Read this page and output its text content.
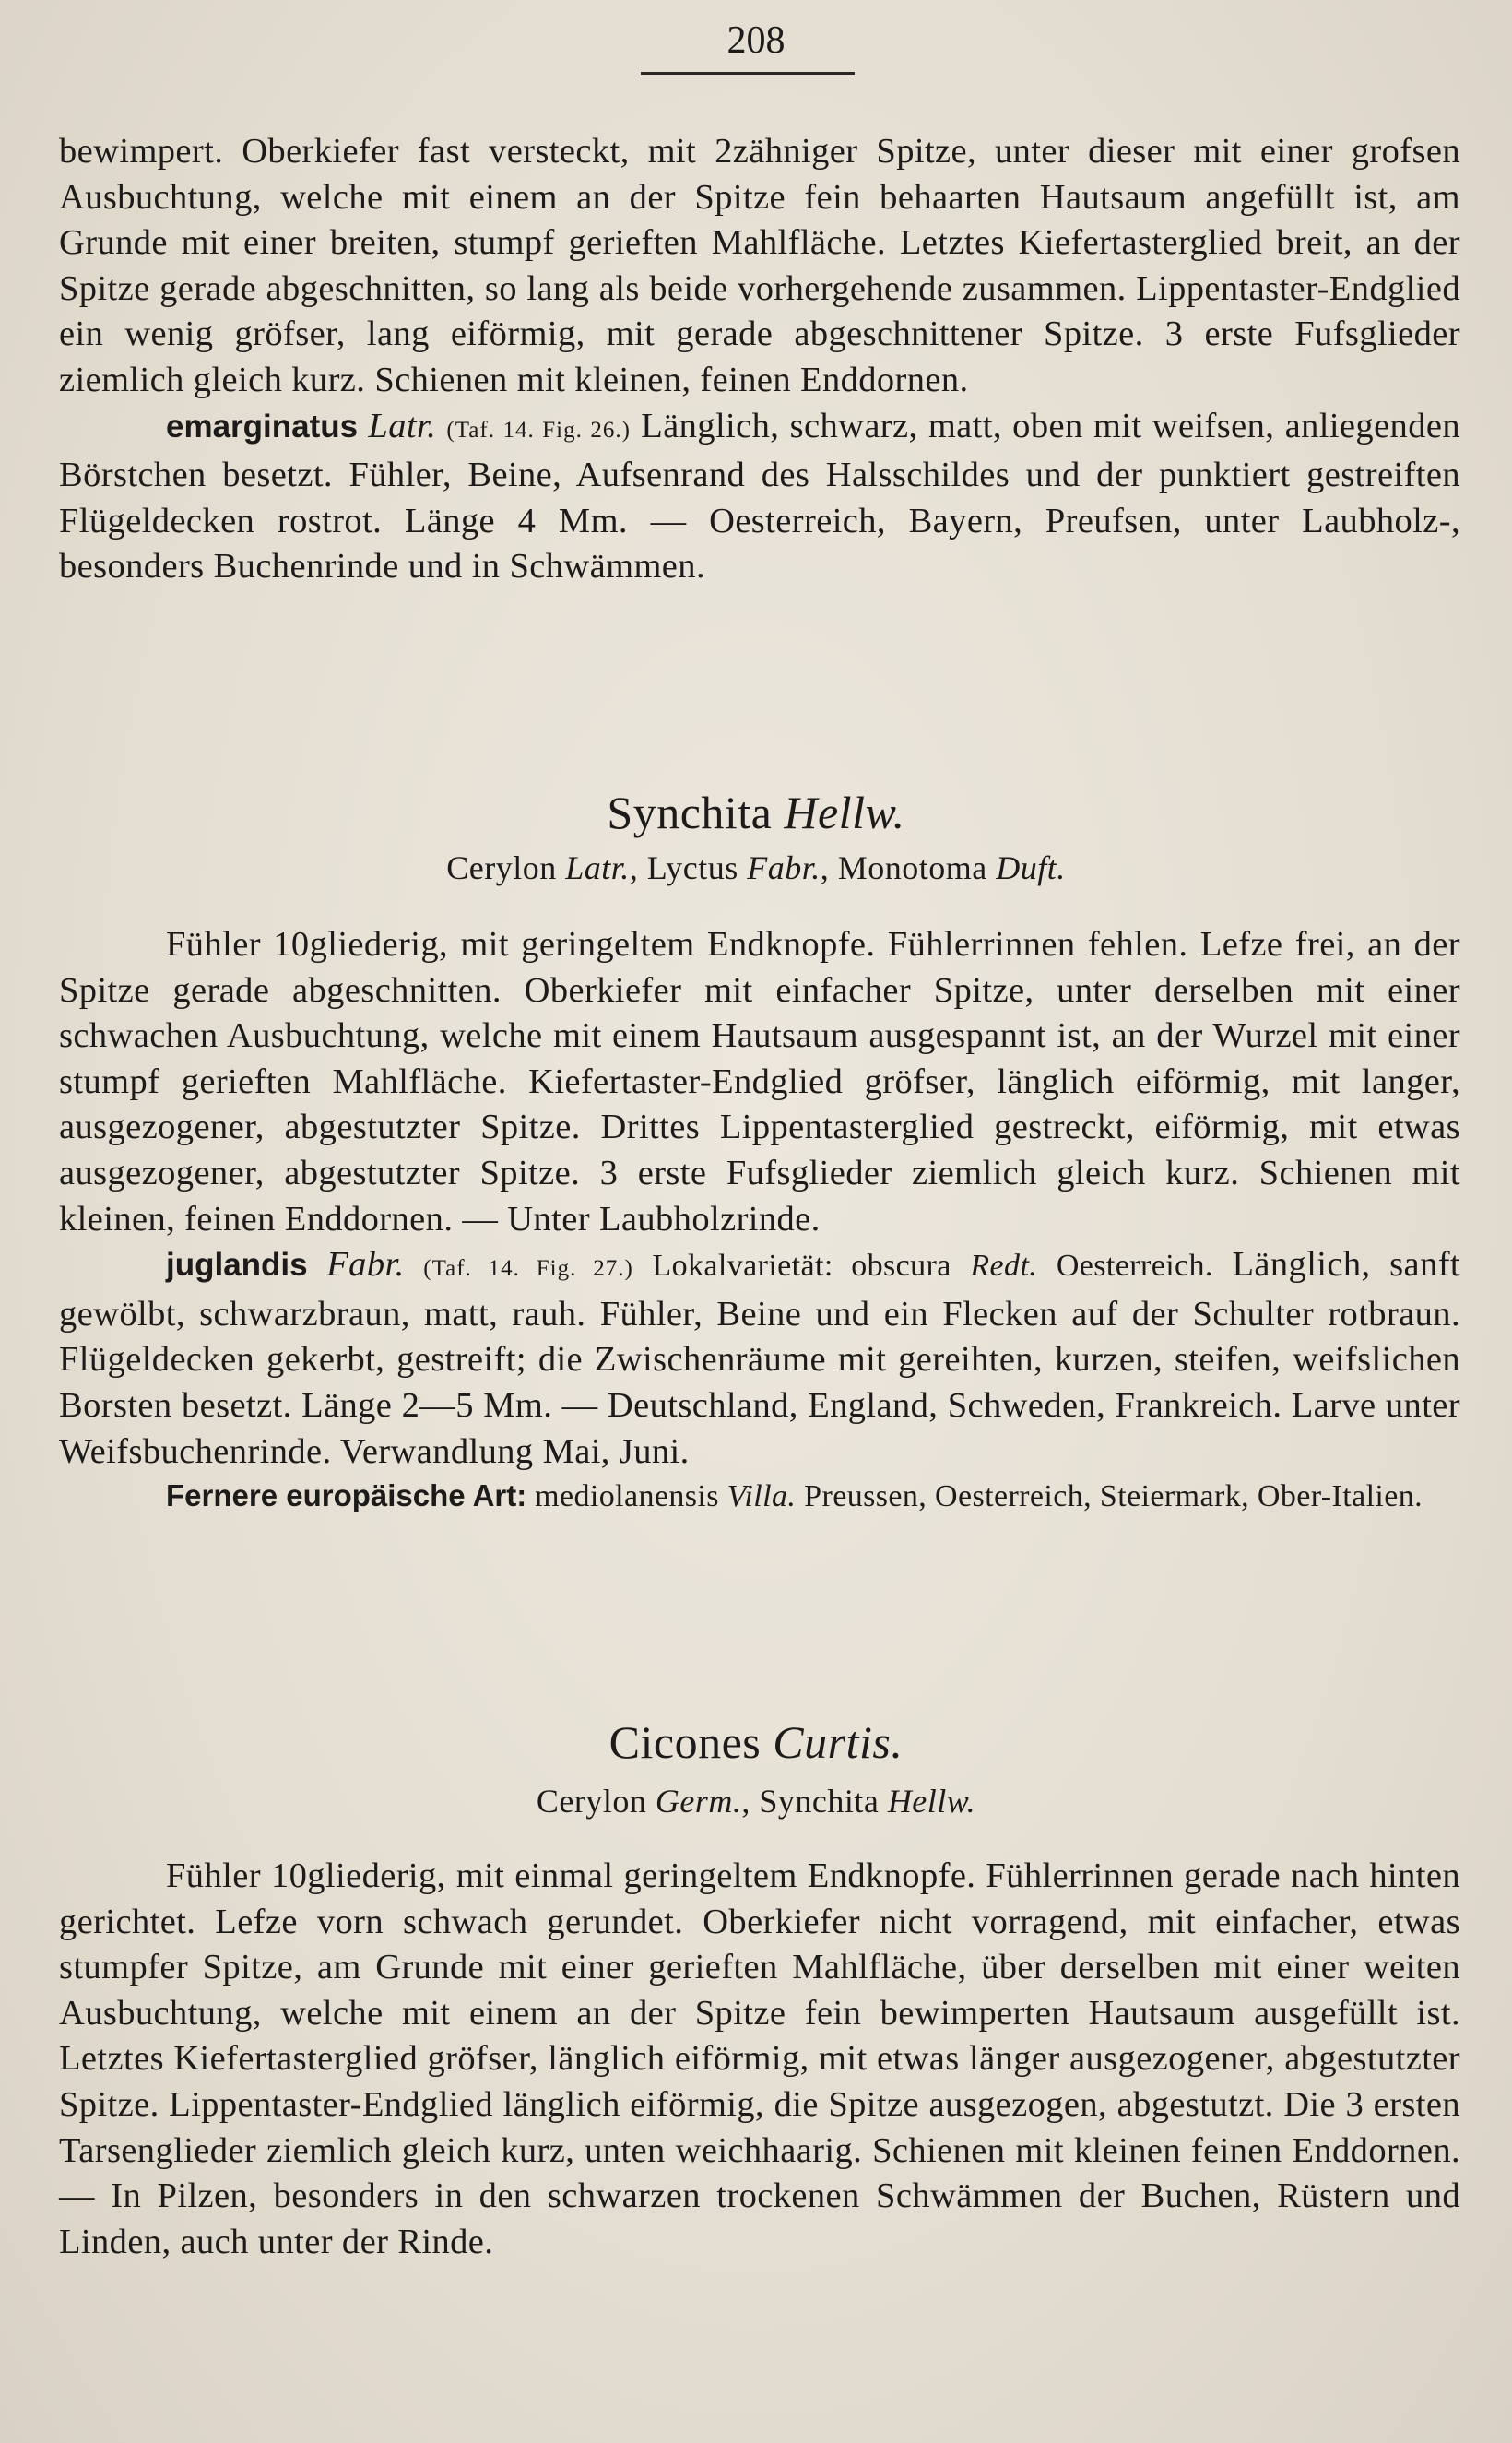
208

bewimpert. Oberkiefer fast versteckt, mit 2zähniger Spitze, unter dieser mit einer grofsen Ausbuchtung, welche mit einem an der Spitze fein behaarten Hautsaum angefüllt ist, am Grunde mit einer breiten, stumpf gerieften Mahlfläche. Letztes Kiefertasterglied breit, an der Spitze gerade abgeschnitten, so lang als beide vorhergehende zusammen. Lippentaster-Endglied ein wenig gröfser, lang eiförmig, mit gerade abgeschnittener Spitze. 3 erste Fufsglieder ziemlich gleich kurz. Schienen mit kleinen, feinen Enddornen.

emarginatus Latr. (Taf. 14. Fig. 26.) Länglich, schwarz, matt, oben mit weifsen, anliegenden Börstchen besetzt. Fühler, Beine, Aufsenrand des Halsschildes und der punktiert gestreiften Flügeldecken rostrot. Länge 4 Mm. — Oesterreich, Bayern, Preufsen, unter Laubholz-, besonders Buchenrinde und in Schwämmen.

Synchita Hellw.
Cerylon Latr., Lyctus Fabr., Monotoma Duft.

Fühler 10gliederig, mit geringeltem Endknopfe. Fühlerrinnen fehlen. Lefze frei, an der Spitze gerade abgeschnitten. Oberkiefer mit einfacher Spitze, unter derselben mit einer schwachen Ausbuchtung, welche mit einem Hautsaum ausgespannt ist, an der Wurzel mit einer stumpf gerieften Mahlfläche. Kiefertaster-Endglied gröfser, länglich eiförmig, mit langer, ausgezogener, abgestutzter Spitze. Drittes Lippentasterglied gestreckt, eiförmig, mit etwas ausgezogener, abgestutzter Spitze. 3 erste Fufsglieder ziemlich gleich kurz. Schienen mit kleinen, feinen Enddornen. — Unter Laubholzrinde.

juglandis Fabr. (Taf. 14. Fig. 27.) Lokalvarietät: obscura Redt. Oesterreich. Länglich, sanft gewölbt, schwarzbraun, matt, rauh. Fühler, Beine und ein Flecken auf der Schulter rotbraun. Flügeldecken gekerbt, gestreift; die Zwischenräume mit gereihten, kurzen, steifen, weifslichen Borsten besetzt. Länge 2—5 Mm. — Deutschland, England, Schweden, Frankreich. Larve unter Weifsbuchenrinde. Verwandlung Mai, Juni.

Fernere europäische Art: mediolanensis Villa. Preussen, Oesterreich, Steiermark, Ober-Italien.

Cicones Curtis.
Cerylon Germ., Synchita Hellw.

Fühler 10gliederig, mit einmal geringeltem Endknopfe. Fühlerrinnen gerade nach hinten gerichtet. Lefze vorn schwach gerundet. Oberkiefer nicht vorragend, mit einfacher, etwas stumpfer Spitze, am Grunde mit einer gerieften Mahlfläche, über derselben mit einer weiten Ausbuchtung, welche mit einem an der Spitze fein bewimperten Hautsaum ausgefüllt ist. Letztes Kiefertasterglied gröfser, länglich eiförmig, mit etwas länger ausgezogener, abgestutzter Spitze. Lippentaster-Endglied länglich eiförmig, die Spitze ausgezogen, abgestutzt. Die 3 ersten Tarsenglieder ziemlich gleich kurz, unten weichhaarig. Schienen mit kleinen feinen Enddornen. — In Pilzen, besonders in den schwarzen trockenen Schwämmen der Buchen, Rüstern und Linden, auch unter der Rinde.
